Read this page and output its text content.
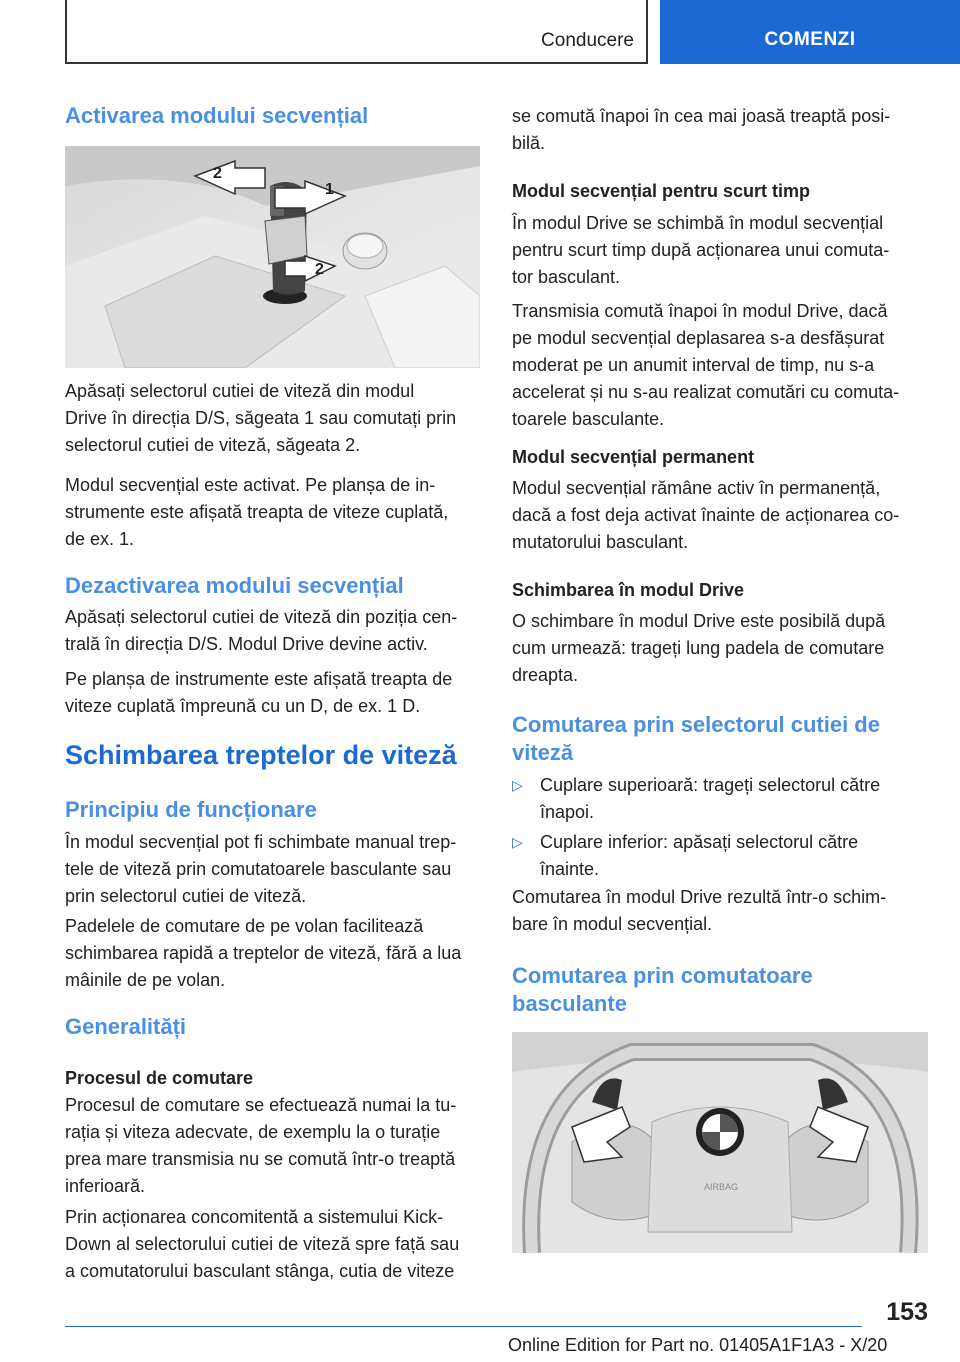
Conducere	COMENZI
Activarea modului secvențial
2
1
2
Apăsați selectorul cutiei de viteză din modul
Drive în direcția D/S, săgeata 1 sau comutați prin
selectorul cutiei de viteză, săgeata 2.
Modul secvențial este activat. Pe planșa de in-
strumente este afișată treapta de viteze cuplată,
de ex. 1.
Dezactivarea modului secvențial
Apăsați selectorul cutiei de viteză din poziția cen-
trală în direcția D/S. Modul Drive devine activ.
Pe planșa de instrumente este afișată treapta de
viteze cuplată împreună cu un D, de ex. 1 D.
Schimbarea treptelor de viteză
Principiu de funcționare
În modul secvențial pot fi schimbate manual trep-
tele de viteză prin comutatoarele basculante sau
prin selectorul cutiei de viteză.
Padelele de comutare de pe volan facilitează
schimbarea rapidă a treptelor de viteză, fără a lua
mâinile de pe volan.
Generalități
Procesul de comutare
Procesul de comutare se efectuează numai la tu-
rația și viteza adecvate, de exemplu la o turație
prea mare transmisia nu se comută într-o treaptă
inferioară.
Prin acționarea concomitentă a sistemului Kick-
Down al selectorului cutiei de viteză spre față sau
a comutatorului basculant stânga, cutia de viteze
se comută înapoi în cea mai joasă treaptă posi-
bilă.
Modul secvențial pentru scurt timp
În modul Drive se schimbă în modul secvențial
pentru scurt timp după acționarea unui comuta-
tor basculant.
Transmisia comută înapoi în modul Drive, dacă
pe modul secvențial deplasarea s-a desfășurat
moderat pe un anumit interval de timp, nu s-a
accelerat și nu s-au realizat comutări cu comuta-
toarele basculante.
Modul secvențial permanent
Modul secvențial rămâne activ în permanență,
dacă a fost deja activat înainte de acționarea co-
mutatorului basculant.
Schimbarea în modul Drive
O schimbare în modul Drive este posibilă după
cum urmează: trageți lung padela de comutare
dreapta.
Comutarea prin selectorul cutiei de
viteză
▷ Cuplare superioară: trageți selectorul către
înapoi.
▷ Cuplare inferior: apăsați selectorul către
înainte.
Comutarea în modul Drive rezultă într-o schim-
bare în modul secvențial.
Comutarea prin comutatoare
basculante
AIRBAG
153
Online Edition for Part no. 01405A1F1A3 - X/20
